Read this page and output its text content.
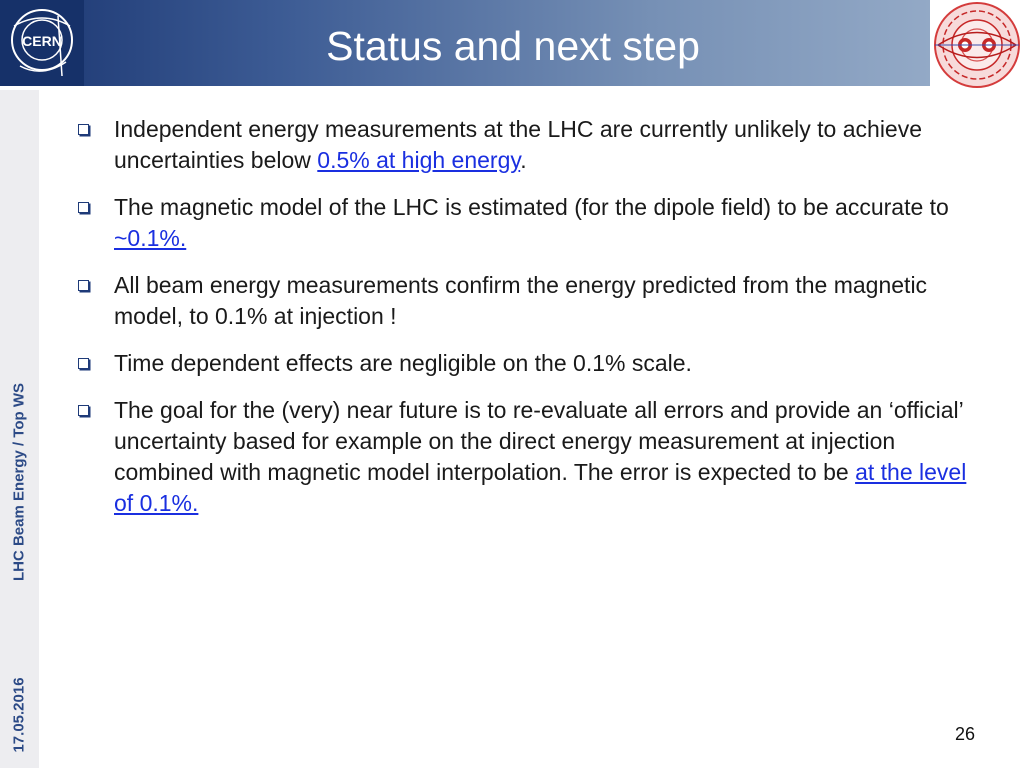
CERN	Status and next step
LHC Beam Energy / Top WS
17.05.2016
Independent energy measurements at the LHC are currently unlikely to achieve uncertainties below 0.5% at high energy.
The magnetic model of the LHC is estimated (for the dipole field) to be accurate to ~0.1%.
All beam energy measurements confirm the energy predicted from the magnetic model, to 0.1% at injection !
Time dependent effects are negligible on the 0.1% scale.
The goal for the (very) near future is to re-evaluate all errors and provide an ‘official’ uncertainty based for example on the direct energy measurement at injection combined with magnetic model interpolation. The error is expected to be at the level of 0.1%.
26
